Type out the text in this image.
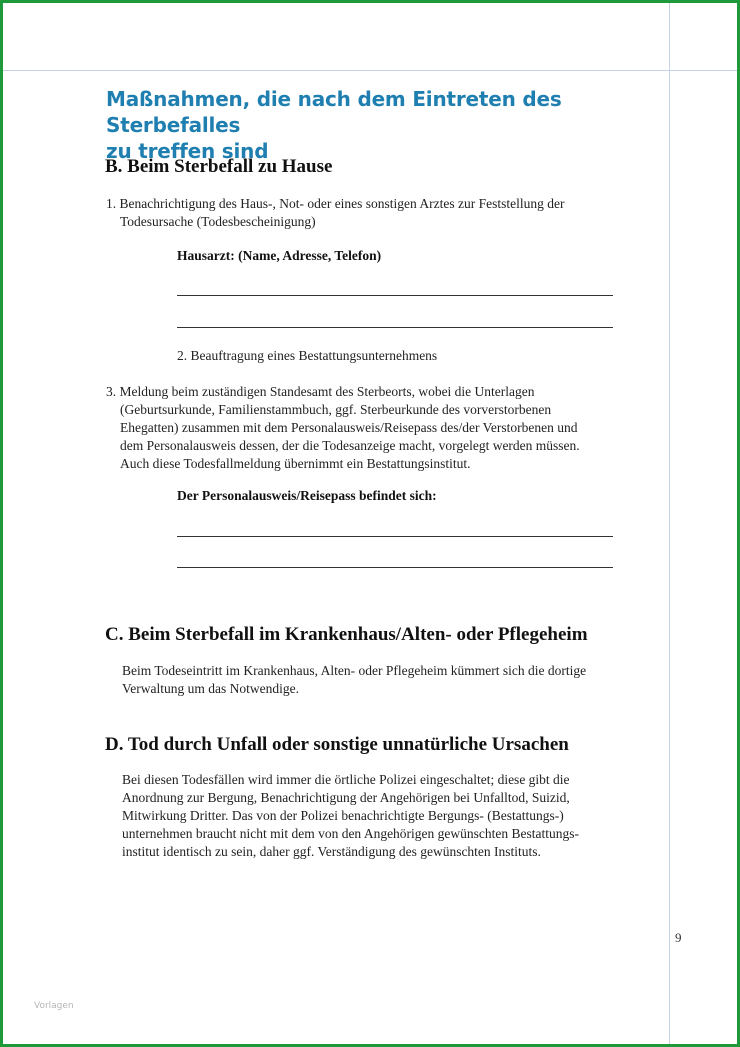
Maßnahmen, die nach dem Eintreten des Sterbefalles
zu treffen sind
B. Beim Sterbefall zu Hause
1. Benachrichtigung des Haus-, Not- oder eines sonstigen Arztes zur Feststellung der
Todesursache (Todesbescheinigung)
Hausarzt: (Name, Adresse, Telefon)
2. Beauftragung eines Bestattungsunternehmens
3. Meldung beim zuständigen Standesamt des Sterbeorts, wobei die Unterlagen
(Geburtsurkunde, Familienstammbuch, ggf. Sterbeurkunde des vorverstorbenen
Ehegatten) zusammen mit dem Personalausweis/Reisepass des/der Verstorbenen und
dem Personalausweis dessen, der die Todesanzeige macht, vorgelegt werden müssen.
Auch diese Todesfallmeldung übernimmt ein Bestattungsinstitut.
Der Personalausweis/Reisepass befindet sich:
C. Beim Sterbefall im Krankenhaus/Alten- oder Pflegeheim
Beim Todeseintritt im Krankenhaus, Alten- oder Pflegeheim kümmert sich die dortige
Verwaltung um das Notwendige.
D. Tod durch Unfall oder sonstige unnatürliche Ursachen
Bei diesen Todesfällen wird immer die örtliche Polizei eingeschaltet; diese gibt die
Anordnung zur Bergung, Benachrichtigung der Angehörigen bei Unfalltod, Suizid,
Mitwirkung Dritter. Das von der Polizei benachrichtigte Bergungs- (Bestattungs-)
unternehmen braucht nicht mit dem von den Angehörigen gewünschten Bestattungs-
institut identisch zu sein, daher ggf. Verständigung des gewünschten Instituts.
9
Vorlagen
